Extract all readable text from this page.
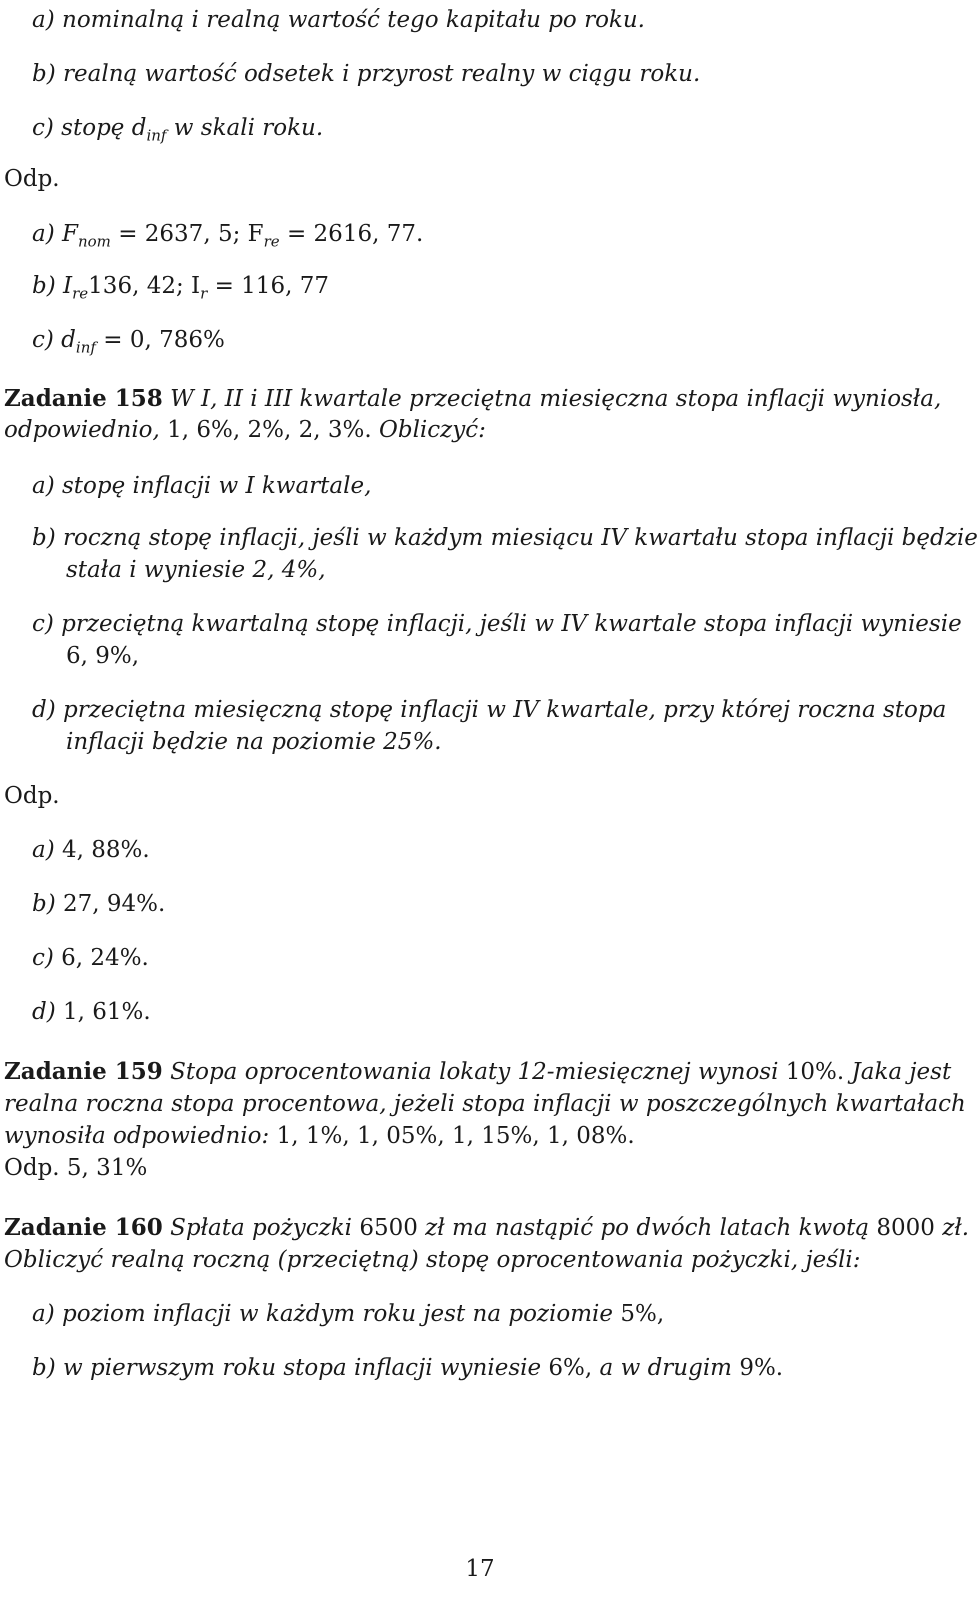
a) nominalną i realną wartość tego kapitału po roku.
b) realną wartość odsetek i przyrost realny w ciągu roku.
c) stopę $d_{inf}$ w skali roku.
Odp.
a) $F_{nom} = 2637$, 5; $F_{re} = 2616$, 77.
b) $I_{re}136$, 42; $I_r = 116$, 77
c) $d_{inf} = 0$, 786%
Zadanie 158 W I, II i III kwartale przeciętna miesięczna stopa inflacji wyniosła,
odpowiednio, 1, 6%, 2%, 2, 3%. Obliczyć:
a) stopę inflacji w I kwartale,
b) roczną stopę inflacji, jeśli w każdym miesiącu IV kwartału stopa inflacji będzie
stała i wyniesie 2, 4%,
c) przeciętną kwartalną stopę inflacji, jeśli w IV kwartale stopa inflacji wyniesie
6, 9%,
d) przeciętna miesięczną stopę inflacji w IV kwartale, przy której roczna stopa
inflacji będzie na poziomie 25%.
Odp.
a) 4, 88%.
b) 27, 94%.
c) 6, 24%.
d) 1, 61%.
Zadanie 159 Stopa oprocentowania lokaty 12-miesięcznej wynosi 10%. Jaka jest
realna roczna stopa procentowa, jeżeli stopa inflacji w poszczególnych kwartałach
wynosiła odpowiednio: 1, 1%, 1, 05%, 1, 15%, 1, 08%.
Odp. 5, 31%
Zadanie 160 Spłata pożyczki 6500 zł ma nastąpić po dwóch latach kwotą 8000 zł.
Obliczyć realną roczną (przeciętną) stopę oprocentowania pożyczki, jeśli:
a) poziom inflacji w każdym roku jest na poziomie 5%,
b) w pierwszym roku stopa inflacji wyniesie 6%, a w drugim 9%.
17
